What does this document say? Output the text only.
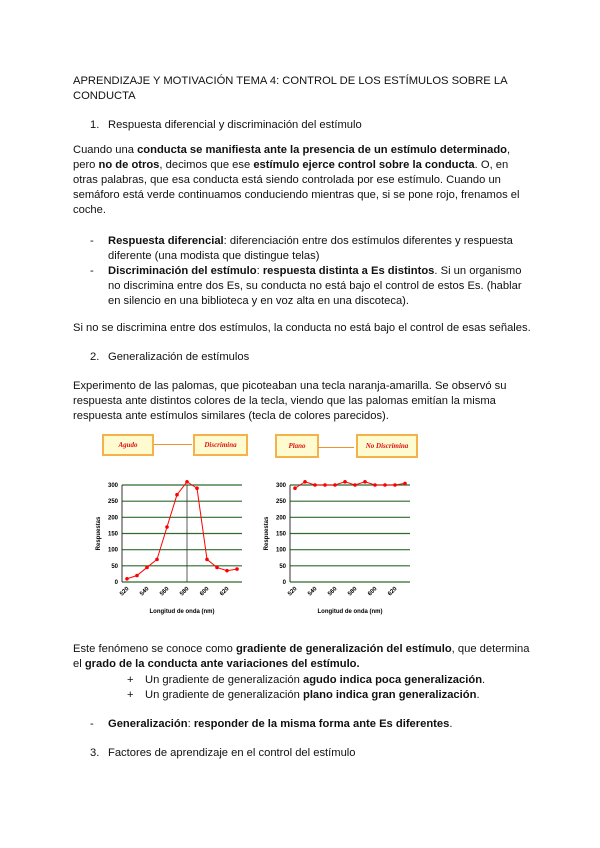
APRENDIZAJE Y MOTIVACIÓN TEMA 4: CONTROL DE LOS ESTÍMULOS SOBRE LA CONDUCTA
1. Respuesta diferencial y discriminación del estímulo
Cuando una conducta se manifiesta ante la presencia de un estímulo determinado, pero no de otros, decimos que ese estímulo ejerce control sobre la conducta. O, en otras palabras, que esa conducta está siendo controlada por ese estímulo. Cuando un semáforo está verde continuamos conduciendo mientras que, si se pone rojo, frenamos el coche.
- Respuesta diferencial: diferenciación entre dos estímulos diferentes y respuesta diferente (una modista que distingue telas)
- Discriminación del estímulo: respuesta distinta a Es distintos. Si un organismo no discrimina entre dos Es, su conducta no está bajo el control de estos Es. (hablar en silencio en una biblioteca y en voz alta en una discoteca).
Si no se discrimina entre dos estímulos, la conducta no está bajo el control de esas señales.
2. Generalización de estímulos
Experimento de las palomas, que picoteaban una tecla naranja-amarilla. Se observó su respuesta ante distintos colores de la tecla, viendo que las palomas emitían la misma respuesta ante estímulos similares (tecla de colores parecidos).
Agudo	Discrimina	Plano	No Discrimina
0
50
100
150
200
250
300
520 540 560 580 600 620
Longitud de onda (nm)
Respuestas
0
50
100
150
200
250
300
520 540 560 580 600 620
Longitud de onda (nm)
Respuestas
Este fenómeno se conoce como gradiente de generalización del estímulo, que determina el grado de la conducta ante variaciones del estímulo.
+ Un gradiente de generalización agudo indica poca generalización.
+ Un gradiente de generalización plano indica gran generalización.
- Generalización: responder de la misma forma ante Es diferentes.
3. Factores de aprendizaje en el control del estímulo
